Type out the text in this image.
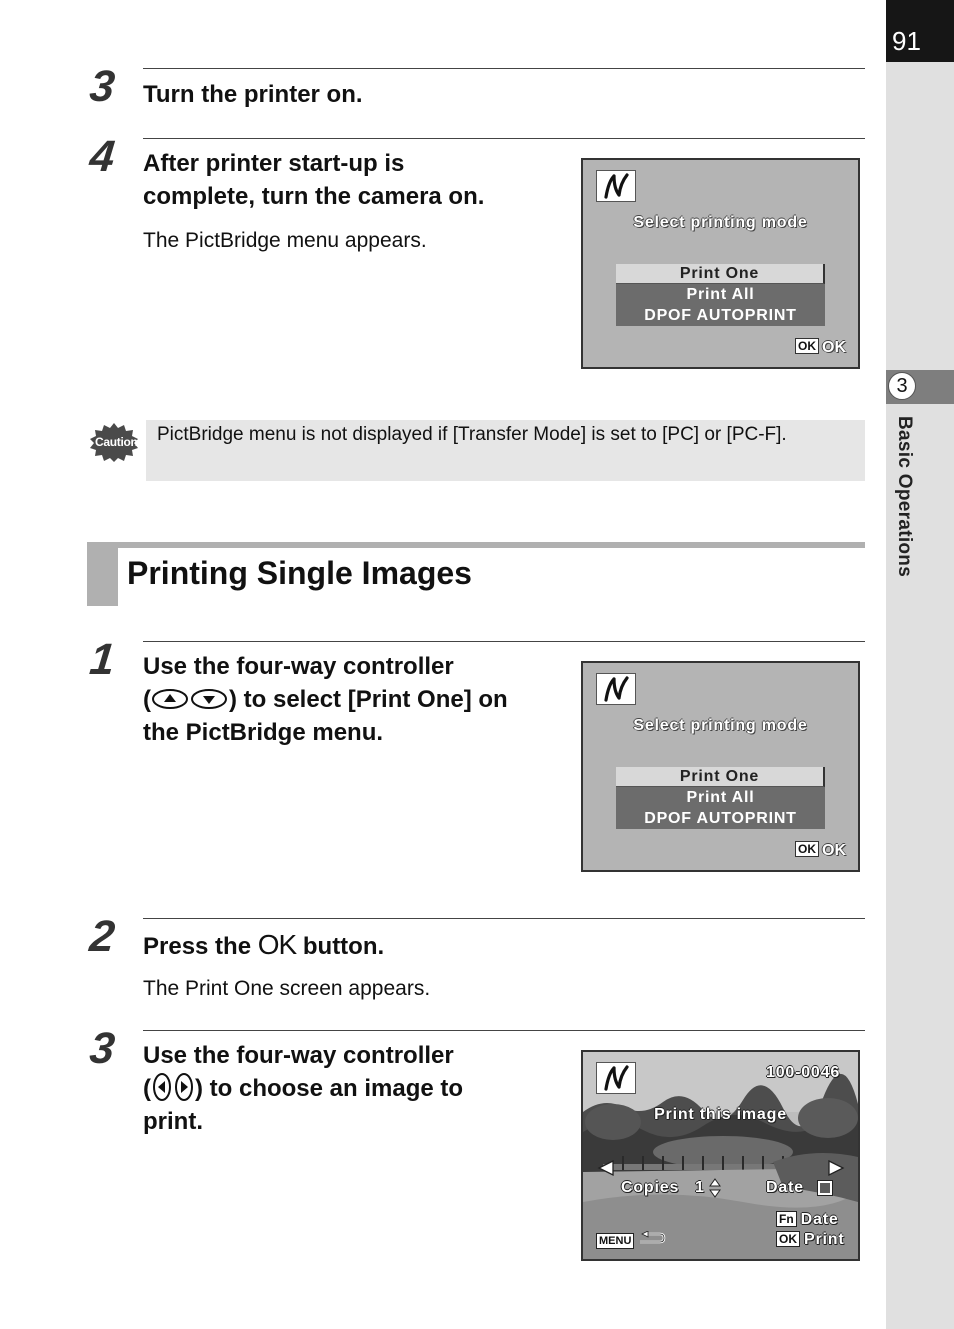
91
3
Basic Operations
3 Turn the printer on.
4 After printer start-up is
complete, turn the camera on.
The PictBridge menu appears.
Select printing mode
Print One
Print All
DPOF AUTOPRINT
OK OK
Caution PictBridge menu is not displayed if [Transfer Mode] is set to [PC] or [PC-F].
Printing Single Images
1 Use the four-way controller
(	) to select [Print One] on
the PictBridge menu.	Select printing mode
Print One
Print All
DPOF AUTOPRINT
OK OK
2 Press the OK button.
The Print One screen appears.
3 Use the four-way controller
( ) to choose an image to
print.
100-0046
Print this image
Copies 1	Date
Fn Date
OK Print
MENU
